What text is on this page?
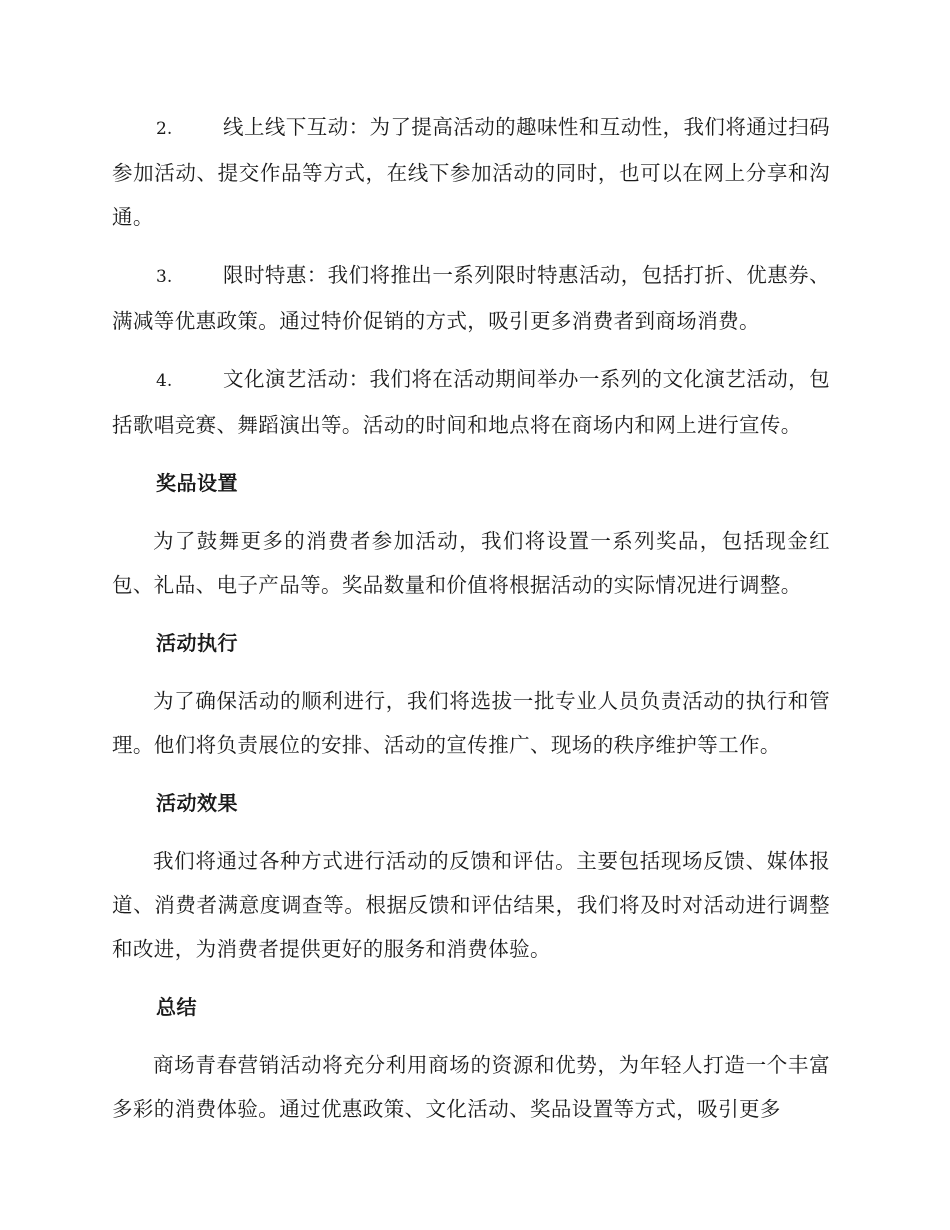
2. 线上线下互动：为了提高活动的趣味性和互动性，我们将通过扫码参加活动、提交作品等方式，在线下参加活动的同时，也可以在网上分享和沟通。

3. 限时特惠：我们将推出一系列限时特惠活动，包括打折、优惠券、满减等优惠政策。通过特价促销的方式，吸引更多消费者到商场消费。

4. 文化演艺活动：我们将在活动期间举办一系列的文化演艺活动，包括歌唱竞赛、舞蹈演出等。活动的时间和地点将在商场内和网上进行宣传。

奖品设置

为了鼓舞更多的消费者参加活动，我们将设置一系列奖品，包括现金红包、礼品、电子产品等。奖品数量和价值将根据活动的实际情况进行调整。

活动执行

为了确保活动的顺利进行，我们将选拔一批专业人员负责活动的执行和管理。他们将负责展位的安排、活动的宣传推广、现场的秩序维护等工作。

活动效果

我们将通过各种方式进行活动的反馈和评估。主要包括现场反馈、媒体报道、消费者满意度调查等。根据反馈和评估结果，我们将及时对活动进行调整和改进，为消费者提供更好的服务和消费体验。

总结

商场青春营销活动将充分利用商场的资源和优势，为年轻人打造一个丰富多彩的消费体验。通过优惠政策、文化活动、奖品设置等方式，吸引更多
